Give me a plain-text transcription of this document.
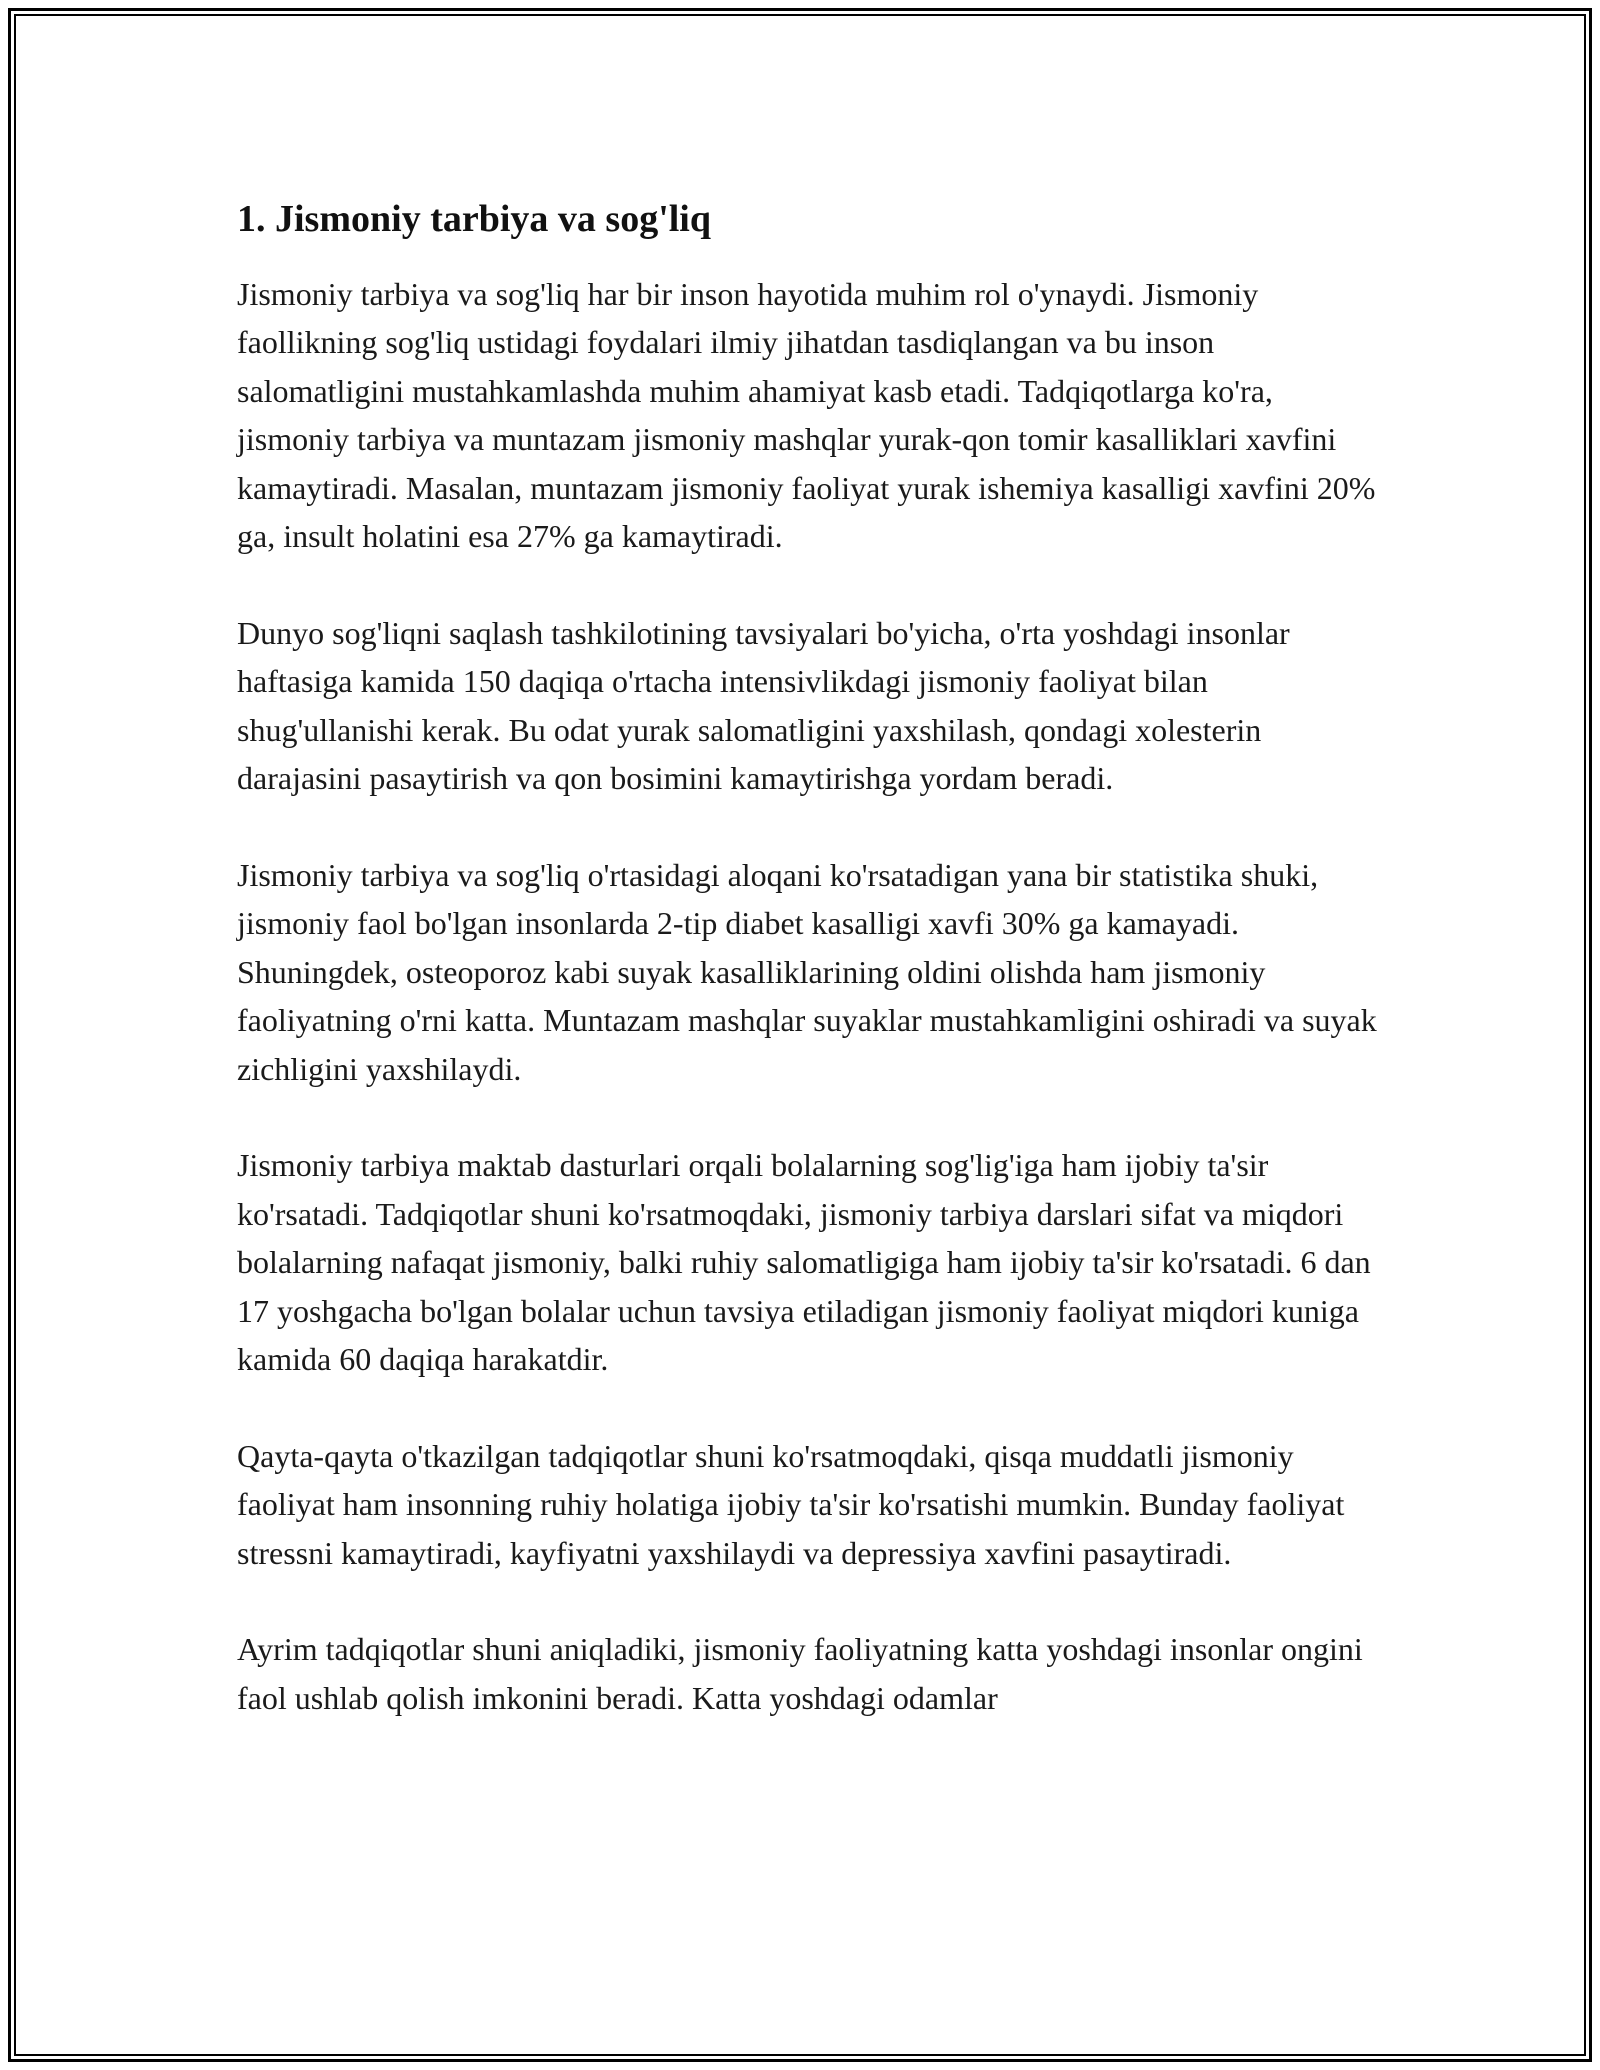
1. Jismoniy tarbiya va sog'liq

Jismoniy tarbiya va sog'liq har bir inson hayotida muhim rol o'ynaydi. Jismoniy faollikning sog'liq ustidagi foydalari ilmiy jihatdan tasdiqlangan va bu inson salomatligini mustahkamlashda muhim ahamiyat kasb etadi. Tadqiqotlarga ko'ra, jismoniy tarbiya va muntazam jismoniy mashqlar yurak-qon tomir kasalliklari xavfini kamaytiradi. Masalan, muntazam jismoniy faoliyat yurak ishemiya kasalligi xavfini 20% ga, insult holatini esa 27% ga kamaytiradi.

Dunyo sog'liqni saqlash tashkilotining tavsiyalari bo'yicha, o'rta yoshdagi insonlar haftasiga kamida 150 daqiqa o'rtacha intensivlikdagi jismoniy faoliyat bilan shug'ullanishi kerak. Bu odat yurak salomatligini yaxshilash, qondagi xolesterin darajasini pasaytirish va qon bosimini kamaytirishga yordam beradi.

Jismoniy tarbiya va sog'liq o'rtasidagi aloqani ko'rsatadigan yana bir statistika shuki, jismoniy faol bo'lgan insonlarda 2-tip diabet kasalligi xavfi 30% ga kamayadi. Shuningdek, osteoporoz kabi suyak kasalliklarining oldini olishda ham jismoniy faoliyatning o'rni katta. Muntazam mashqlar suyaklar mustahkamligini oshiradi va suyak zichligini yaxshilaydi.

Jismoniy tarbiya maktab dasturlari orqali bolalarning sog'lig'iga ham ijobiy ta'sir ko'rsatadi. Tadqiqotlar shuni ko'rsatmoqdaki, jismoniy tarbiya darslari sifat va miqdori bolalarning nafaqat jismoniy, balki ruhiy salomatligiga ham ijobiy ta'sir ko'rsatadi. 6 dan 17 yoshgacha bo'lgan bolalar uchun tavsiya etiladigan jismoniy faoliyat miqdori kuniga kamida 60 daqiqa harakatdir.

Qayta-qayta o'tkazilgan tadqiqotlar shuni ko'rsatmoqdaki, qisqa muddatli jismoniy faoliyat ham insonning ruhiy holatiga ijobiy ta'sir ko'rsatishi mumkin. Bunday faoliyat stressni kamaytiradi, kayfiyatni yaxshilaydi va depressiya xavfini pasaytiradi.

Ayrim tadqiqotlar shuni aniqladiki, jismoniy faoliyatning katta yoshdagi insonlar ongini faol ushlab qolish imkonini beradi. Katta yoshdagi odamlar
